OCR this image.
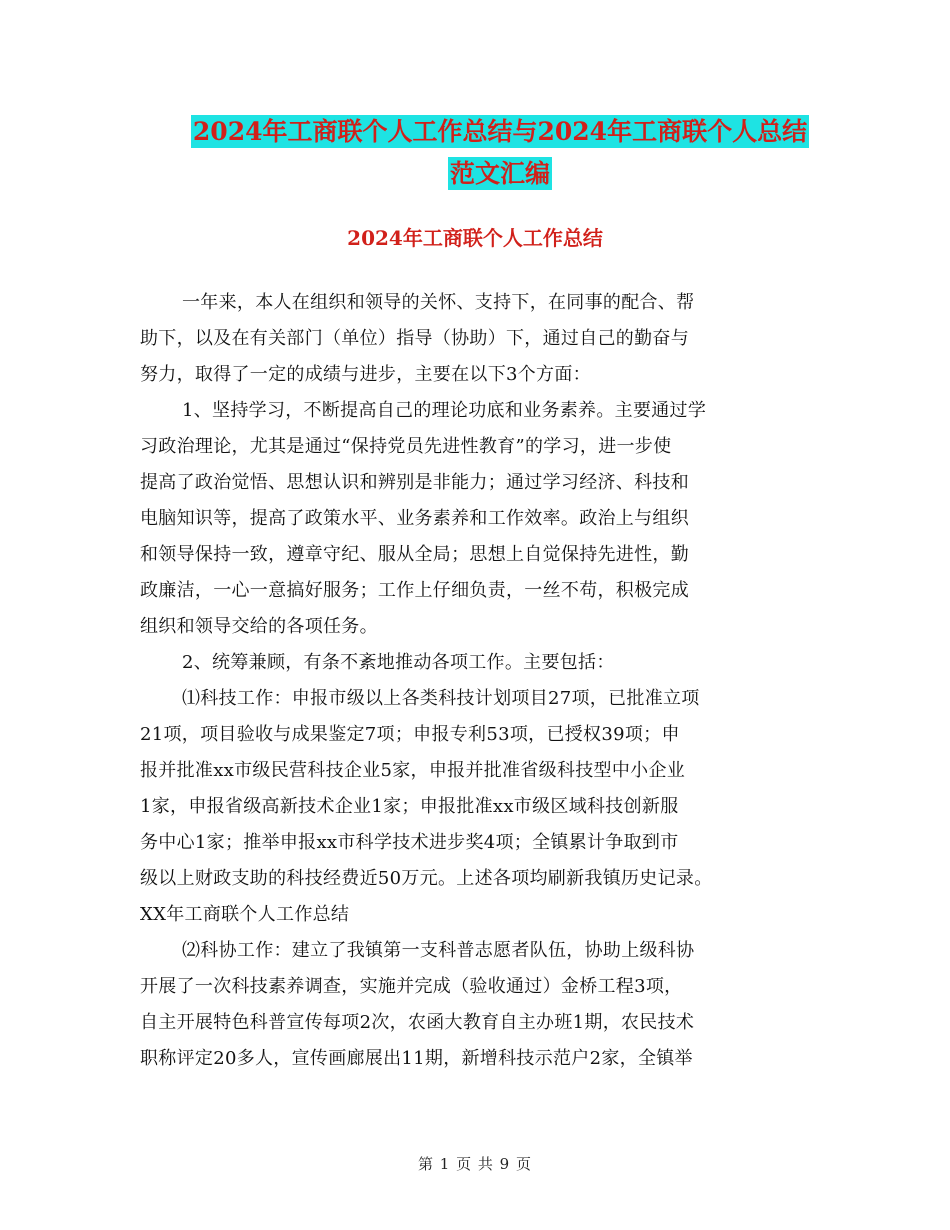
2024年工商联个人工作总结与2024年工商联个人总结
范文汇编
2024年工商联个人工作总结
一年来，本人在组织和领导的关怀、支持下，在同事的配合、帮
助下，以及在有关部门（单位）指导（协助）下，通过自己的勤奋与
努力，取得了一定的成绩与进步，主要在以下3个方面：
1、坚持学习，不断提高自己的理论功底和业务素养。主要通过学
习政治理论，尤其是通过“保持党员先进性教育”的学习，进一步使
提高了政治觉悟、思想认识和辨别是非能力；通过学习经济、科技和
电脑知识等，提高了政策水平、业务素养和工作效率。政治上与组织
和领导保持一致，遵章守纪、服从全局；思想上自觉保持先进性，勤
政廉洁，一心一意搞好服务；工作上仔细负责，一丝不苟，积极完成
组织和领导交给的各项任务。
2、统筹兼顾，有条不紊地推动各项工作。主要包括：
⑴科技工作：申报市级以上各类科技计划项目27项，已批准立项
21项，项目验收与成果鉴定7项；申报专利53项，已授权39项；申
报并批准xx市级民营科技企业5家，申报并批准省级科技型中小企业
1家，申报省级高新技术企业1家；申报批准xx市级区域科技创新服
务中心1家；推举申报xx市科学技术进步奖4项；全镇累计争取到市
级以上财政支助的科技经费近50万元。上述各项均刷新我镇历史记录。
XX年工商联个人工作总结
⑵科协工作：建立了我镇第一支科普志愿者队伍，协助上级科协
开展了一次科技素养调查，实施并完成（验收通过）金桥工程3项，
自主开展特色科普宣传每项2次，农函大教育自主办班1期，农民技术
职称评定20多人，宣传画廊展出11期，新增科技示范户2家，全镇举
第 1 页 共 9 页
